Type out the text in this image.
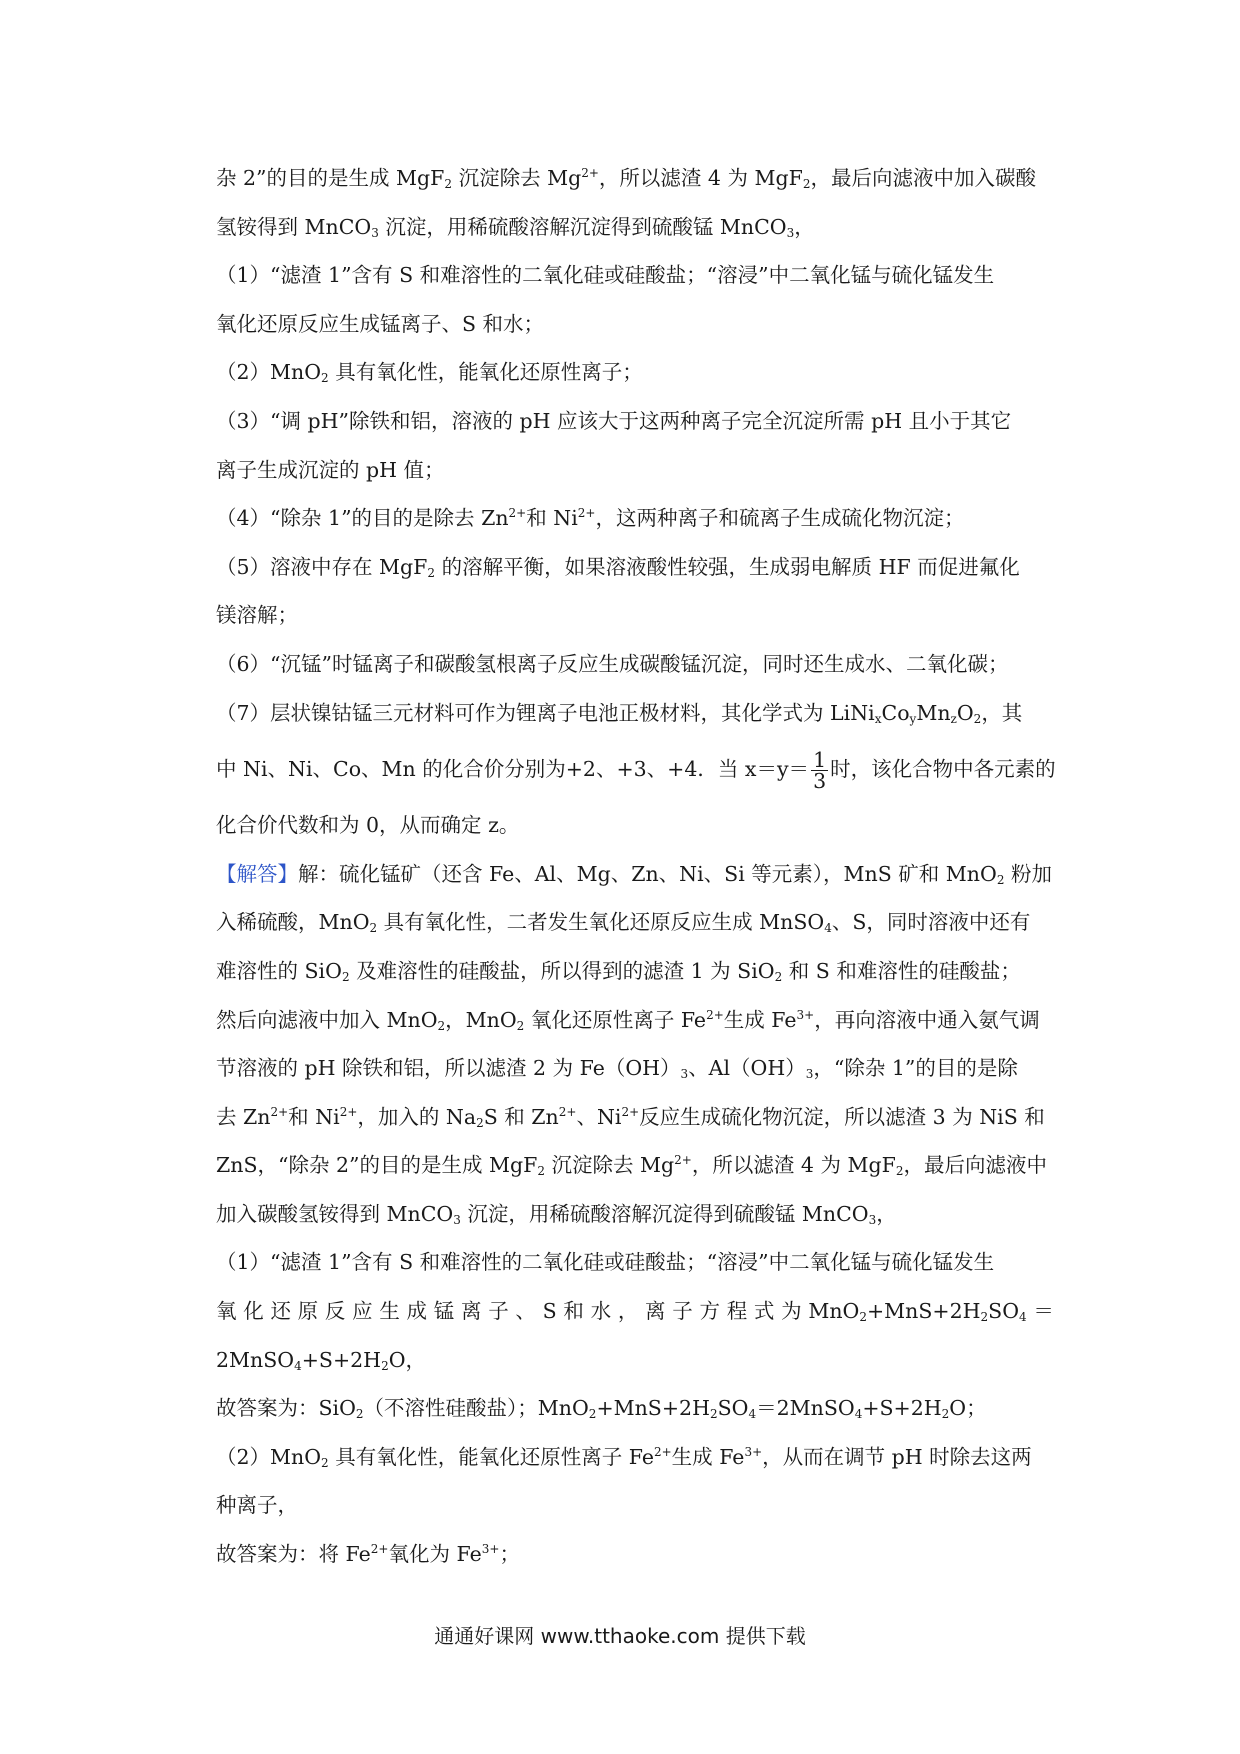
杂 2”的目的是生成 MgF$_2$ 沉淀除去 $Mg^{2+}$，所以滤渣 4 为 MgF$_2$，最后向滤液中加入碳酸
氢铵得到 MnCO$_3$ 沉淀，用稀硫酸溶解沉淀得到硫酸锰 MnCO$_3$，
（1）“滤渣 1”含有 S 和难溶性的二氧化硅或硅酸盐；“溶浸”中二氧化锰与硫化锰发生
氧化还原反应生成锰离子、S 和水；
（2）MnO$_2$ 具有氧化性，能氧化还原性离子；
（3）“调 pH”除铁和铝，溶液的 pH 应该大于这两种离子完全沉淀所需 pH 且小于其它
离子生成沉淀的 pH 值；
（4）“除杂 1”的目的是除去 $Zn^{2+}$和 $Ni^{2+}$，这两种离子和硫离子生成硫化物沉淀；
（5）溶液中存在 MgF$_2$ 的溶解平衡，如果溶液酸性较强，生成弱电解质 HF 而促进氟化
镁溶解；
（6）“沉锰”时锰离子和碳酸氢根离子反应生成碳酸锰沉淀，同时还生成水、二氧化碳；
（7）层状镍钴锰三元材料可作为锂离子电池正极材料，其化学式为 $LiNi_xCo_yMn_zO_2$，其
中 Ni、Ni、Co、Mn 的化合价分别为+2、+3、+4．当 $x=y= \frac{1}{3}$ 时，该化合物中各元素的
化合价代数和为 0，从而确定 z。
【解答】解：硫化锰矿（还含 Fe、Al、Mg、Zn、Ni、Si 等元素），MnS 矿和 MnO$_2$ 粉加
入稀硫酸，MnO$_2$ 具有氧化性，二者发生氧化还原反应生成 MnSO$_4$、S，同时溶液中还有
难溶性的 SiO$_2$ 及难溶性的硅酸盐，所以得到的滤渣 1 为 SiO$_2$ 和 S 和难溶性的硅酸盐；
然后向滤液中加入 MnO$_2$，MnO$_2$ 氧化还原性离子 $Fe^{2+}$生成 $Fe^{3+}$，再向溶液中通入氨气调
节溶液的 pH 除铁和铝，所以滤渣 2 为 $Fe(OH)_3$、$Al(OH)_3$，“除杂 1”的目的是除
去 $Zn^{2+}$和 $Ni^{2+}$，加入的 $Na_2S$ 和 $Zn^{2+}$、$Ni^{2+}$反应生成硫化物沉淀，所以滤渣 3 为 NiS 和
ZnS，“除杂 2”的目的是生成 MgF$_2$ 沉淀除去 $Mg^{2+}$，所以滤渣 4 为 MgF$_2$，最后向滤液中
加入碳酸氢铵得到 MnCO$_3$ 沉淀，用稀硫酸溶解沉淀得到硫酸锰 MnCO$_3$，
（1）“滤渣 1”含有 S 和难溶性的二氧化硅或硅酸盐；“溶浸”中二氧化锰与硫化锰发生
氧 化 还 原 反 应 生 成 锰 离 子 、 S 和 水 ， 离 子 方 程 式 为 $MnO_2+MnS+2H_2SO_4$ ＝
$2MnSO_4+S+2H_2O$，
故答案为：SiO$_2$（不溶性硅酸盐）；$MnO_2+MnS+2H_2SO_4=2MnSO_4+S+2H_2O$；
（2）MnO$_2$ 具有氧化性，能氧化还原性离子 $Fe^{2+}$生成 $Fe^{3+}$，从而在调节 pH 时除去这两
种离子，
故答案为：将 $Fe^{2+}$氧化为 $Fe^{3+}$；
通通好课网 www.tthaoke.com 提供下载
